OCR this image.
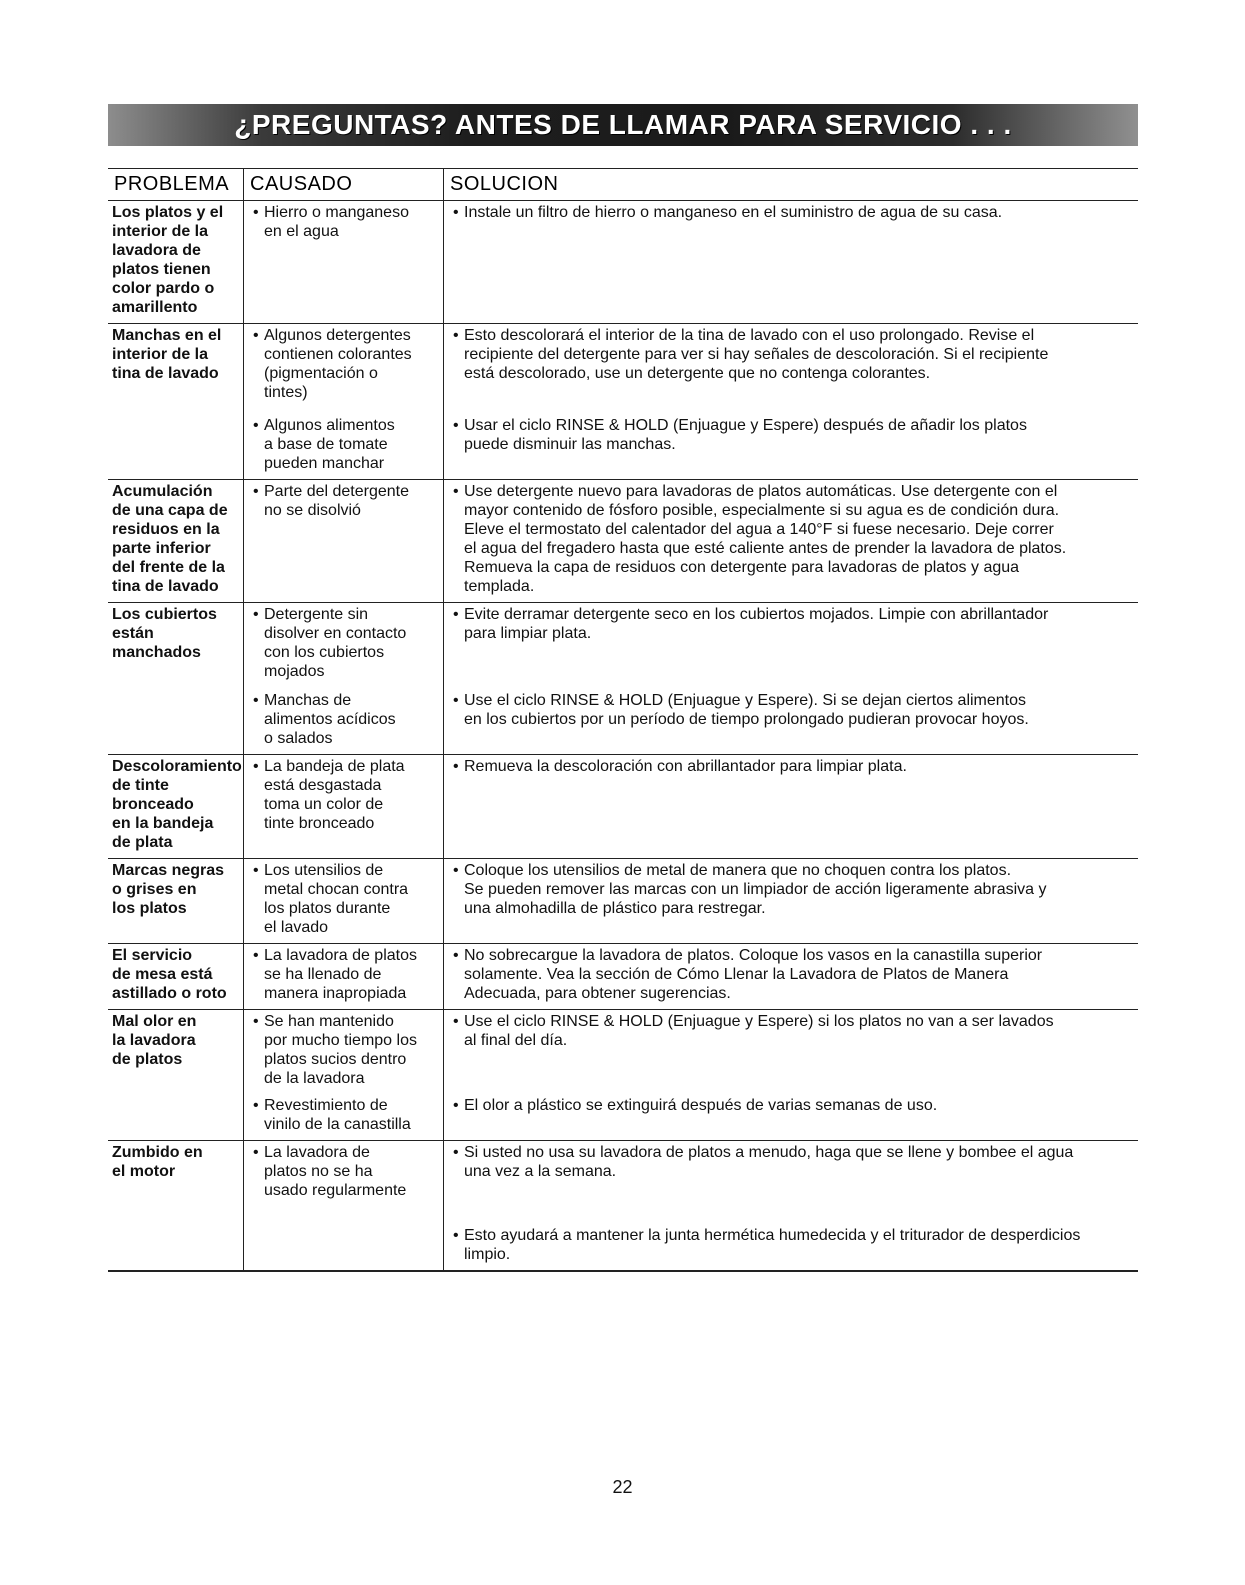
¿PREGUNTAS? ANTES DE LLAMAR PARA SERVICIO . . .
PROBLEMA	CAUSADO	SOLUCION
Los platos y el
interior de la
lavadora de
platos tienen
color pardo o
amarillento
• Hierro o manganeso
en el agua
• Instale un filtro de hierro o manganeso en el suministro de agua de su casa.
Manchas en el
interior de la
tina de lavado
• Algunos detergentes
contienen colorantes
(pigmentación o
tintes)
• Algunos alimentos
a base de tomate
pueden manchar
• Esto descolorará el interior de la tina de lavado con el uso prolongado. Revise el
recipiente del detergente para ver si hay señales de descoloración. Si el recipiente
está descolorado, use un detergente que no contenga colorantes.
• Usar el ciclo RINSE & HOLD (Enjuague y Espere) después de añadir los platos
puede disminuir las manchas.
Acumulación
de una capa de
residuos en la
parte inferior
del frente de la
tina de lavado
• Parte del detergente
no se disolvió
• Use detergente nuevo para lavadoras de platos automáticas. Use detergente con el
mayor contenido de fósforo posible, especialmente si su agua es de condición dura.
Eleve el termostato del calentador del agua a 140°F si fuese necesario. Deje correr
el agua del fregadero hasta que esté caliente antes de prender la lavadora de platos.
Remueva la capa de residuos con detergente para lavadoras de platos y agua
templada.
Los cubiertos
están
manchados
• Detergente sin
disolver en contacto
con los cubiertos
mojados
• Manchas de
alimentos acídicos
o salados
• Evite derramar detergente seco en los cubiertos mojados. Limpie con abrillantador
para limpiar plata.
• Use el ciclo RINSE & HOLD (Enjuague y Espere). Si se dejan ciertos alimentos
en los cubiertos por un período de tiempo prolongado pudieran provocar hoyos.
Descoloramiento
de tinte
bronceado
en la bandeja
de plata
• La bandeja de plata
está desgastada
toma un color de
tinte bronceado
• Remueva la descoloración con abrillantador para limpiar plata.
Marcas negras
o grises en
los platos
• Los utensilios de
metal chocan contra
los platos durante
el lavado
• Coloque los utensilios de metal de manera que no choquen contra los platos.
Se pueden remover las marcas con un limpiador de acción ligeramente abrasiva y
una almohadilla de plástico para restregar.
El servicio
de mesa está
astillado o roto
• La lavadora de platos
se ha llenado de
manera inapropiada
• No sobrecargue la lavadora de platos. Coloque los vasos en la canastilla superior
solamente. Vea la sección de Cómo Llenar la Lavadora de Platos de Manera
Adecuada, para obtener sugerencias.
Mal olor en
la lavadora
de platos
• Se han mantenido
por mucho tiempo los
platos sucios dentro
de la lavadora
• Revestimiento de
vinilo de la canastilla
• Use el ciclo RINSE & HOLD (Enjuague y Espere) si los platos no van a ser lavados
al final del día.
• El olor a plástico se extinguirá después de varias semanas de uso.
Zumbido en
el motor
• La lavadora de
platos no se ha
usado regularmente
• Si usted no usa su lavadora de platos a menudo, haga que se llene y bombee el agua
una vez a la semana.
• Esto ayudará a mantener la junta hermética humedecida y el triturador de desperdicios
limpio.
22
